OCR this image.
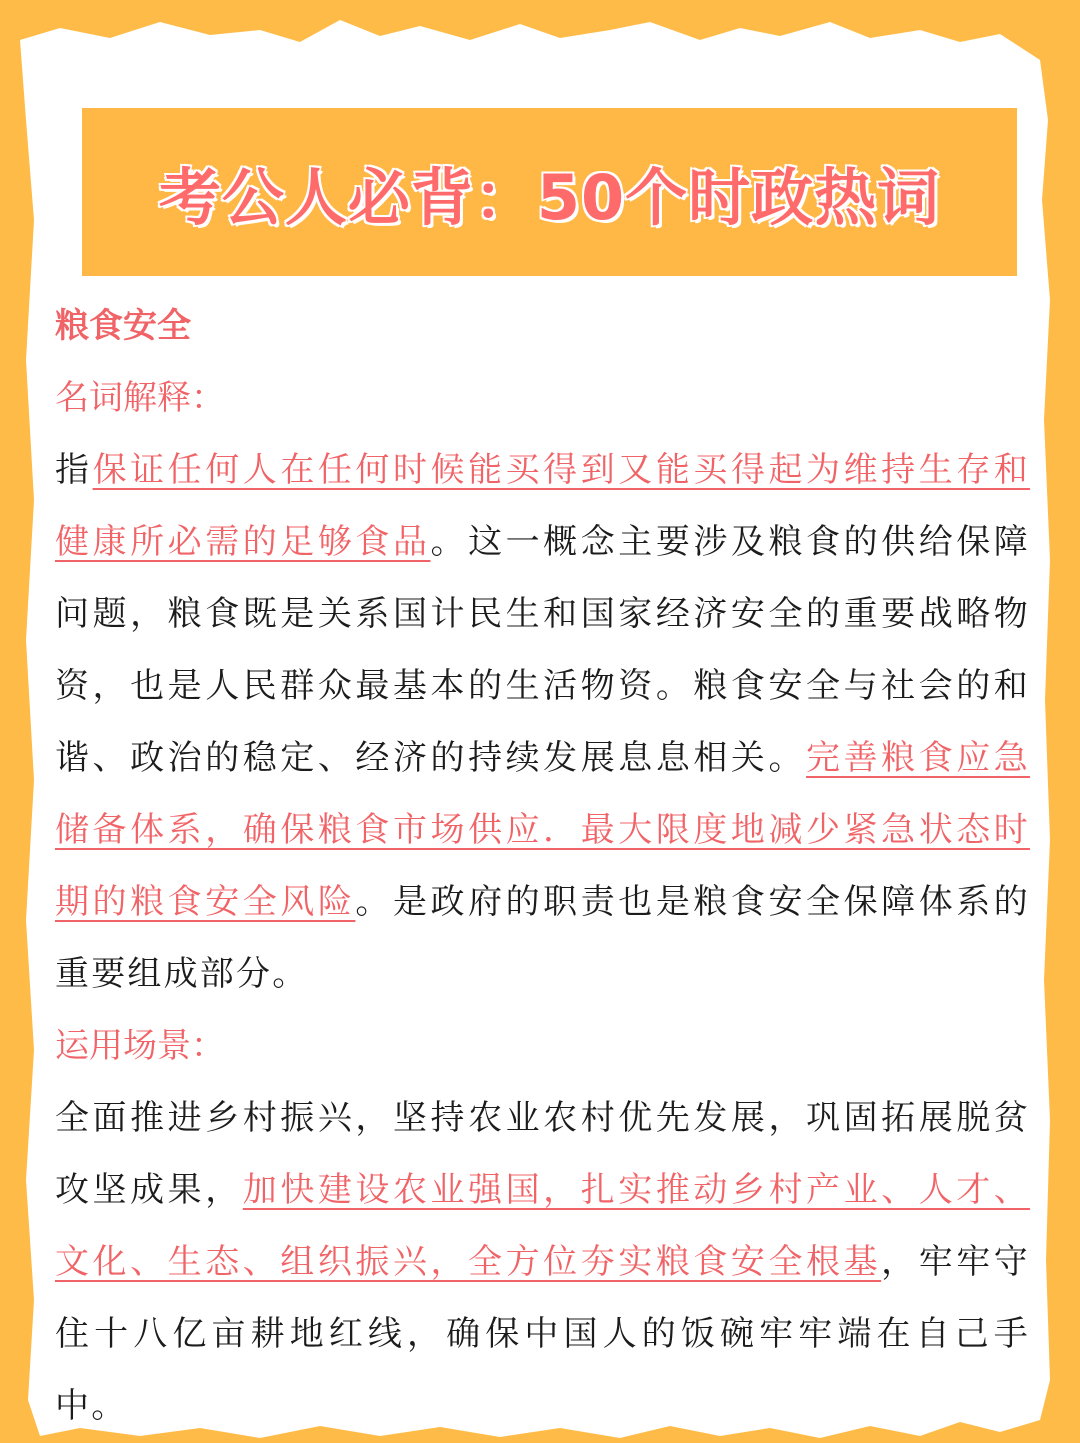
考公人必背：50个时政热词

粮食安全

名词解释：

指保证任何人在任何时候能买得到又能买得起为维持生存和健康所必需的足够食品。这一概念主要涉及粮食的供给保障问题，粮食既是关系国计民生和国家经济安全的重要战略物资，也是人民群众最基本的生活物资。粮食安全与社会的和谐、政治的稳定、经济的持续发展息息相关。完善粮食应急储备体系，确保粮食市场供应．最大限度地减少紧急状态时期的粮食安全风险。是政府的职责也是粮食安全保障体系的重要组成部分。

运用场景：

全面推进乡村振兴，坚持农业农村优先发展，巩固拓展脱贫攻坚成果，加快建设农业强国，扎实推动乡村产业、人才、文化、生态、组织振兴，全方位夯实粮食安全根基，牢牢守住十八亿亩耕地红线，确保中国人的饭碗牢牢端在自己手中。
